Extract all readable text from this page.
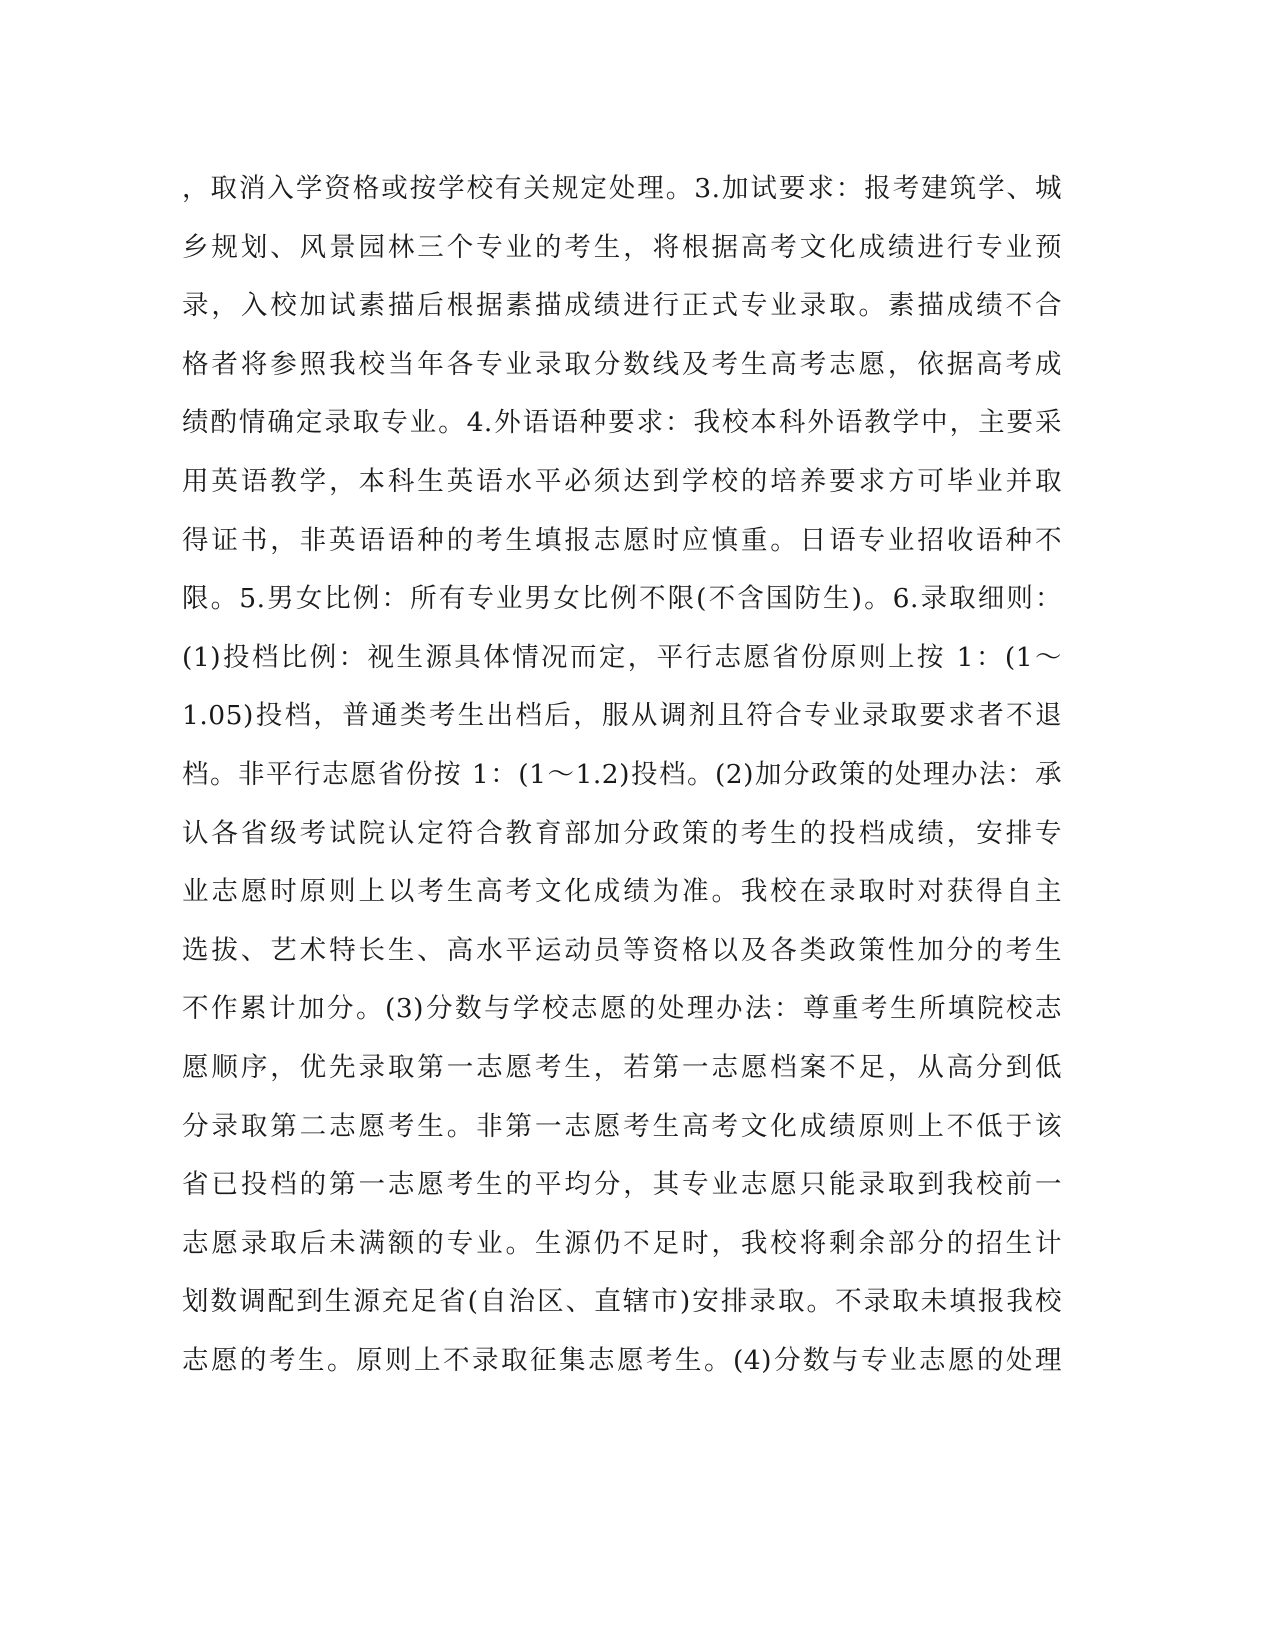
，取消入学资格或按学校有关规定处理。3.加试要求：报考建筑学、城
乡规划、风景园林三个专业的考生，将根据高考文化成绩进行专业预
录，入校加试素描后根据素描成绩进行正式专业录取。素描成绩不合
格者将参照我校当年各专业录取分数线及考生高考志愿，依据高考成
绩酌情确定录取专业。4.外语语种要求：我校本科外语教学中，主要采
用英语教学，本科生英语水平必须达到学校的培养要求方可毕业并取
得证书，非英语语种的考生填报志愿时应慎重。日语专业招收语种不
限。5.男女比例：所有专业男女比例不限(不含国防生)。6.录取细则：
(1)投档比例：视生源具体情况而定，平行志愿省份原则上按 1：(1～
1.05)投档，普通类考生出档后，服从调剂且符合专业录取要求者不退
档。非平行志愿省份按 1：(1～1.2)投档。(2)加分政策的处理办法：承
认各省级考试院认定符合教育部加分政策的考生的投档成绩，安排专
业志愿时原则上以考生高考文化成绩为准。我校在录取时对获得自主
选拔、艺术特长生、高水平运动员等资格以及各类政策性加分的考生
不作累计加分。(3)分数与学校志愿的处理办法：尊重考生所填院校志
愿顺序，优先录取第一志愿考生，若第一志愿档案不足，从高分到低
分录取第二志愿考生。非第一志愿考生高考文化成绩原则上不低于该
省已投档的第一志愿考生的平均分，其专业志愿只能录取到我校前一
志愿录取后未满额的专业。生源仍不足时，我校将剩余部分的招生计
划数调配到生源充足省(自治区、直辖市)安排录取。不录取未填报我校
志愿的考生。原则上不录取征集志愿考生。(4)分数与专业志愿的处理
